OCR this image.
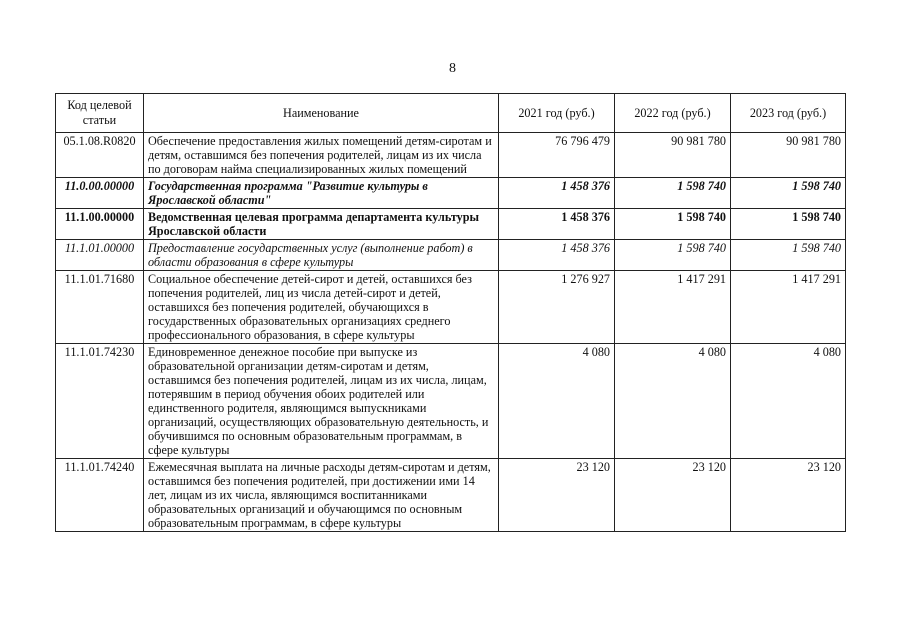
8
Код целевой статьи	Наименование	2021 год (руб.)	2022 год (руб.)	2023 год (руб.)
05.1.08.R0820	Обеспечение предоставления жилых помещений детям-сиротам и детям, оставшимся без попечения родителей, лицам из их числа по договорам найма специализированных жилых помещений	76 796 479	90 981 780	90 981 780
11.0.00.00000	Государственная программа "Развитие культуры в Ярославской области"	1 458 376	1 598 740	1 598 740
11.1.00.00000	Ведомственная целевая программа департамента культуры Ярославской области	1 458 376	1 598 740	1 598 740
11.1.01.00000	Предоставление государственных услуг (выполнение работ) в области образования в сфере культуры	1 458 376	1 598 740	1 598 740
11.1.01.71680	Социальное обеспечение детей-сирот и детей, оставшихся без попечения родителей, лиц из числа детей-сирот и детей, оставшихся без попечения родителей, обучающихся в государственных образовательных организациях среднего профессионального образования, в сфере культуры	1 276 927	1 417 291	1 417 291
11.1.01.74230	Единовременное денежное пособие при выпуске из образовательной организации детям-сиротам и детям, оставшимся без попечения родителей, лицам из их числа, лицам, потерявшим в период обучения обоих родителей или единственного родителя, являющимся выпускниками организаций, осуществляющих образовательную деятельность, и обучившимся по основным образовательным программам, в сфере культуры	4 080	4 080	4 080
11.1.01.74240	Ежемесячная выплата на личные расходы детям-сиротам и детям, оставшимся без попечения родителей, при достижении ими 14 лет, лицам из их числа, являющимся воспитанниками образовательных организаций и обучающимся по основным образовательным программам, в сфере культуры	23 120	23 120	23 120
